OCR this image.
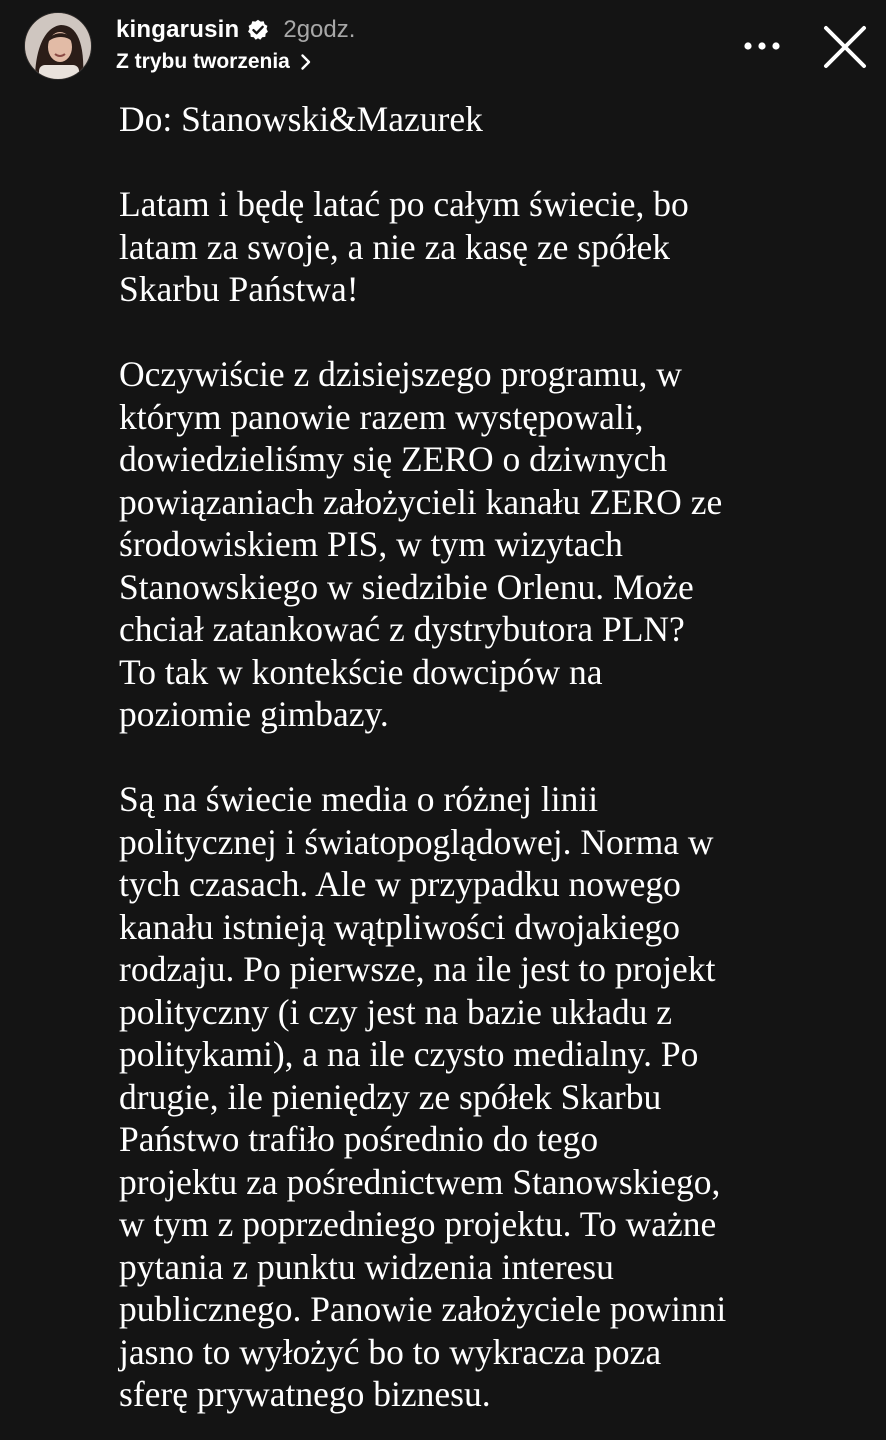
kingarusin 2godz.
Z trybu tworzenia

Do: Stanowski&Mazurek

Latam i będę latać po całym świecie, bo
latam za swoje, a nie za kasę ze spółek
Skarbu Państwa!

Oczywiście z dzisiejszego programu, w
którym panowie razem występowali,
dowiedzieliśmy się ZERO o dziwnych
powiązaniach założycieli kanału ZERO ze
środowiskiem PIS, w tym wizytach
Stanowskiego w siedzibie Orlenu. Może
chciał zatankować z dystrybutora PLN?
To tak w kontekście dowcipów na
poziomie gimbazy.

Są na świecie media o różnej linii
politycznej i światopoglądowej. Norma w
tych czasach. Ale w przypadku nowego
kanału istnieją wątpliwości dwojakiego
rodzaju. Po pierwsze, na ile jest to projekt
polityczny (i czy jest na bazie układu z
politykami), a na ile czysto medialny. Po
drugie, ile pieniędzy ze spółek Skarbu
Państwo trafiło pośrednio do tego
projektu za pośrednictwem Stanowskiego,
w tym z poprzedniego projektu. To ważne
pytania z punktu widzenia interesu
publicznego. Panowie założyciele powinni
jasno to wyłożyć bo to wykracza poza
sferę prywatnego biznesu.
